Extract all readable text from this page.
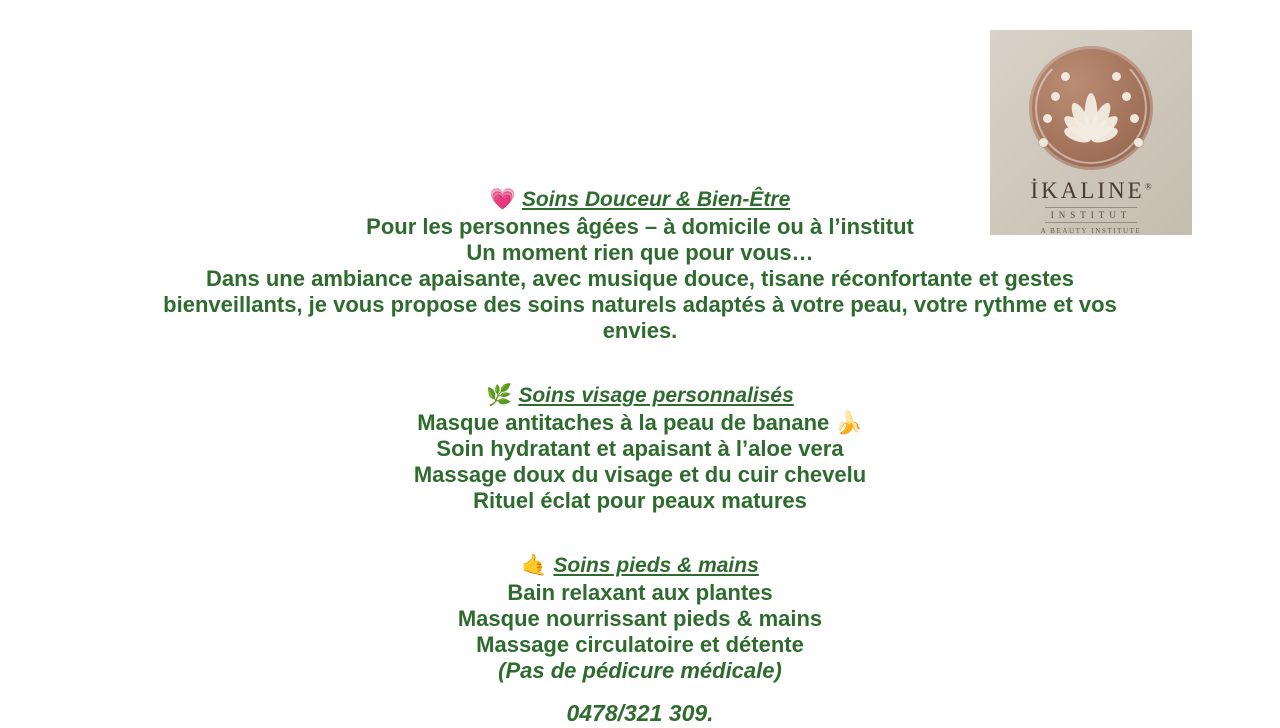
İKALINE®
INSTITUT
A BEAUTY INSTITUTE
💗 Soins Douceur & Bien-Être
Pour les personnes âgées – à domicile ou à l’institut
Un moment rien que pour vous…
Dans une ambiance apaisante, avec musique douce, tisane réconfortante et gestes bienveillants, je vous propose des soins naturels adaptés à votre peau, votre rythme et vos envies.
🌿 Soins visage personnalisés
Masque antitaches à la peau de banane 🍌
Soin hydratant et apaisant à l’aloe vera
Massage doux du visage et du cuir chevelu
Rituel éclat pour peaux matures
🤙 Soins pieds & mains
Bain relaxant aux plantes
Masque nourrissant pieds & mains
Massage circulatoire et détente
(Pas de pédicure médicale)
0478/321 309.
